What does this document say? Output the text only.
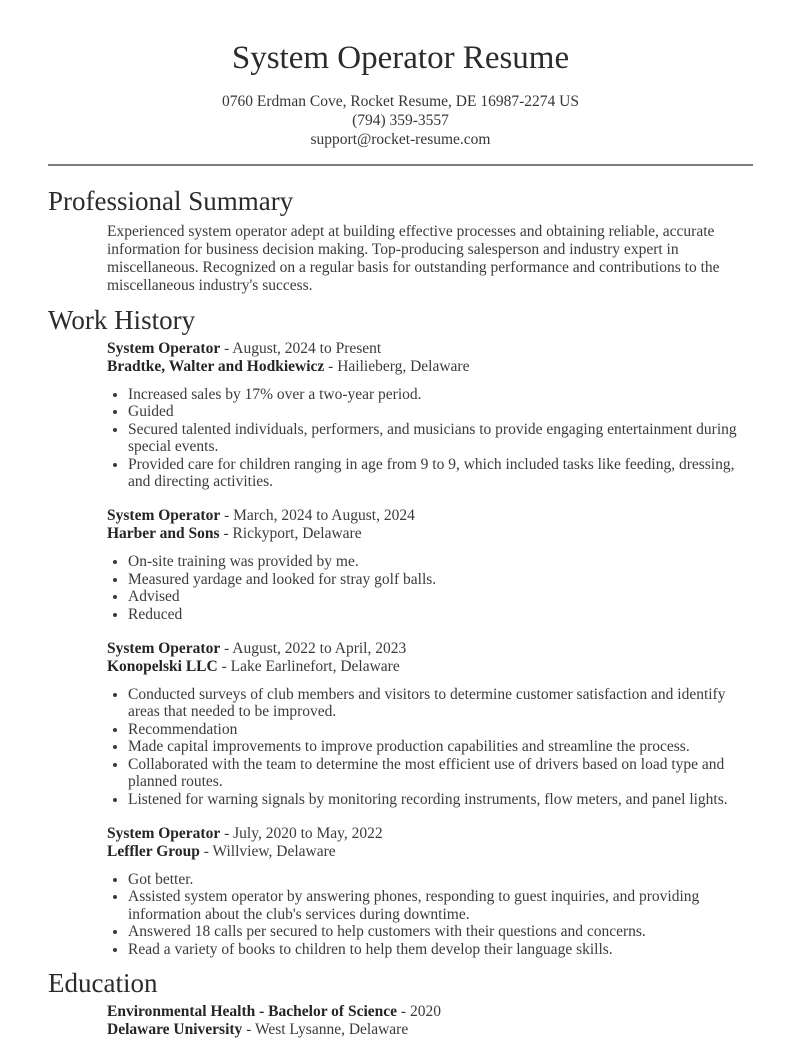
System Operator Resume
0760 Erdman Cove, Rocket Resume, DE 16987-2274 US
(794) 359-3557
support@rocket-resume.com
Professional Summary

Experienced system operator adept at building effective processes and obtaining reliable, accurate information for business decision making. Top-producing salesperson and industry expert in miscellaneous. Recognized on a regular basis for outstanding performance and contributions to the miscellaneous industry's success.

Work History
System Operator - August, 2024 to Present
Bradtke, Walter and Hodkiewicz - Hailieberg, Delaware
• Increased sales by 17% over a two-year period.
• Guided
• Secured talented individuals, performers, and musicians to provide engaging entertainment during special events.
• Provided care for children ranging in age from 9 to 9, which included tasks like feeding, dressing, and directing activities.
System Operator - March, 2024 to August, 2024
Harber and Sons - Rickyport, Delaware
• On-site training was provided by me.
• Measured yardage and looked for stray golf balls.
• Advised
• Reduced
System Operator - August, 2022 to April, 2023
Konopelski LLC - Lake Earlinefort, Delaware
• Conducted surveys of club members and visitors to determine customer satisfaction and identify areas that needed to be improved.
• Recommendation
• Made capital improvements to improve production capabilities and streamline the process.
• Collaborated with the team to determine the most efficient use of drivers based on load type and planned routes.
• Listened for warning signals by monitoring recording instruments, flow meters, and panel lights.
System Operator - July, 2020 to May, 2022
Leffler Group - Willview, Delaware
• Got better.
• Assisted system operator by answering phones, responding to guest inquiries, and providing information about the club's services during downtime.
• Answered 18 calls per secured to help customers with their questions and concerns.
• Read a variety of books to children to help them develop their language skills.
Education
Environmental Health - Bachelor of Science - 2020
Delaware University - West Lysanne, Delaware
